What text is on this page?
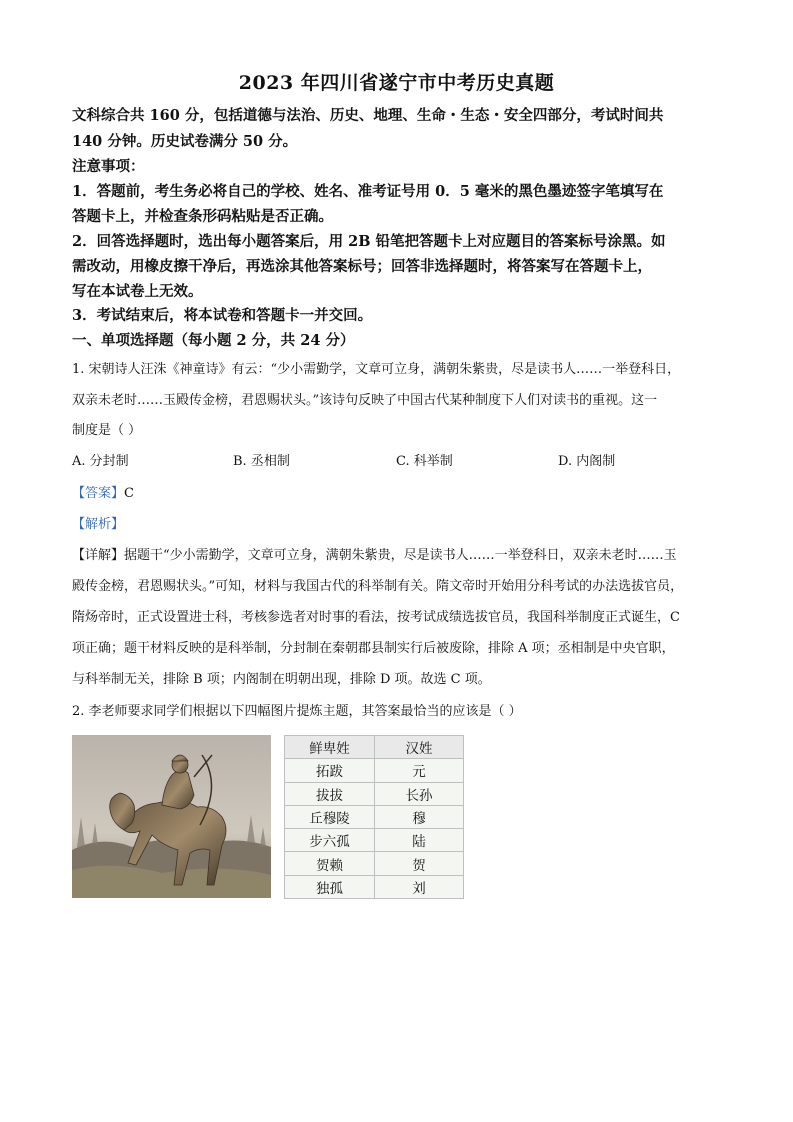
2023 年四川省遂宁市中考历史真题
文科综合共 160 分，包括道德与法治、历史、地理、生命・生态・安全四部分，考试时间共
140 分钟。历史试卷满分 50 分。
注意事项：
1．答题前，考生务必将自己的学校、姓名、准考证号用 0．5 毫米的黑色墨迹签字笔填写在
答题卡上，并检查条形码粘贴是否正确。
2．回答选择题时，选出每小题答案后，用 2B 铅笔把答题卡上对应题目的答案标号涂黑。如
需改动，用橡皮擦干净后，再选涂其他答案标号；回答非选择题时，将答案写在答题卡上，
写在本试卷上无效。
3．考试结束后，将本试卷和答题卡一并交回。
一、单项选择题（每小题 2 分，共 24 分）
1. 宋朝诗人汪洙《神童诗》有云：“少小需勤学，文章可立身，满朝朱紫贵，尽是读书人……一举登科日，
双亲未老时……玉殿传金榜，君恩赐状头。”该诗句反映了中国古代某种制度下人们对读书的重视。这一
制度是（ ）
A. 分封制	B. 丞相制	C. 科举制	D. 内阁制
【答案】C
【解析】
【详解】据题干“少小需勤学，文章可立身，满朝朱紫贵，尽是读书人……一举登科日，双亲未老时……玉
殿传金榜，君恩赐状头。”可知，材料与我国古代的科举制有关。隋文帝时开始用分科考试的办法选拔官员，
隋炀帝时，正式设置进士科，考核参选者对时事的看法，按考试成绩选拔官员，我国科举制度正式诞生，C
项正确；题干材料反映的是科举制，分封制在秦朝郡县制实行后被废除，排除 A 项；丞相制是中央官职，
与科举制无关，排除 B 项；内阁制在明朝出现，排除 D 项。故选 C 项。
2. 李老师要求同学们根据以下四幅图片提炼主题，其答案最恰当的应该是（ ）
鲜卑姓	汉姓
拓跋	元
拔拔	长孙
丘穆陵	穆
步六孤	陆
贺赖	贺
独孤	刘
